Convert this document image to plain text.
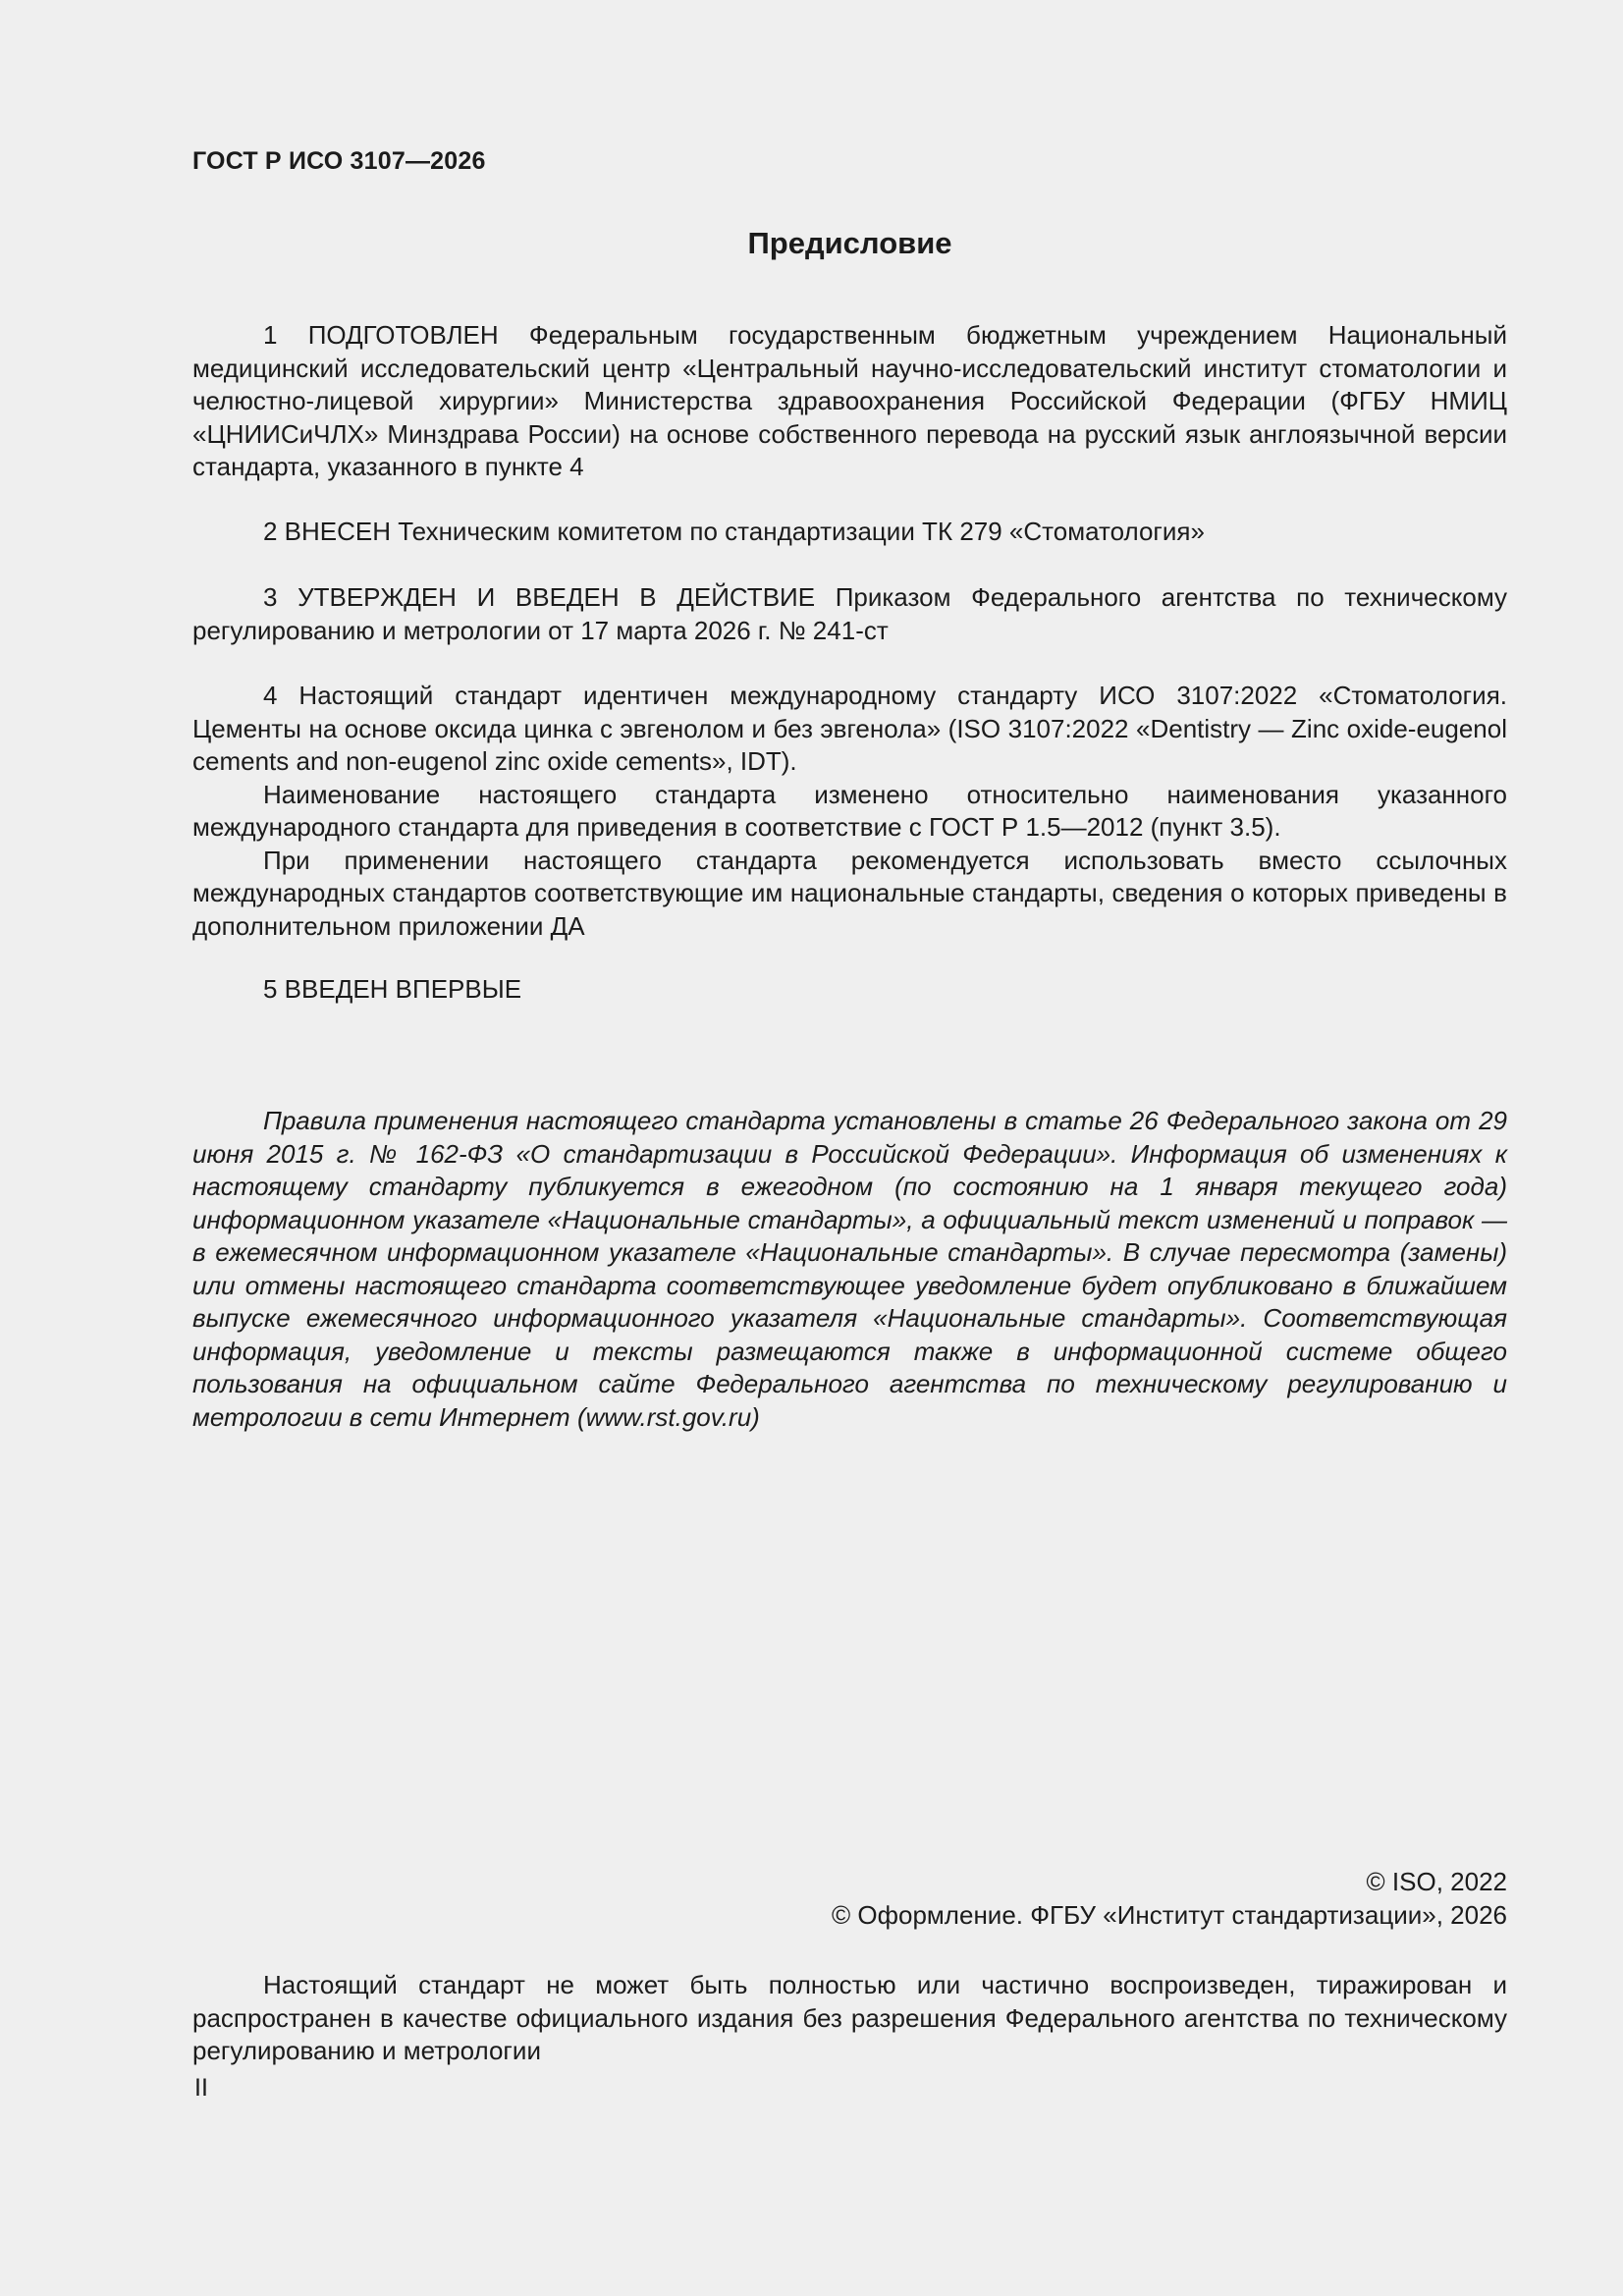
ГОСТ Р ИСО 3107—2026
Предисловие

1 ПОДГОТОВЛЕН Федеральным государственным бюджетным учреждением Национальный медицинский исследовательский центр «Центральный научно-исследовательский институт стоматологии и челюстно-лицевой хирургии» Министерства здравоохранения Российской Федерации (ФГБУ НМИЦ «ЦНИИСиЧЛХ» Минздрава России) на основе собственного перевода на русский язык англоязычной версии стандарта, указанного в пункте 4

2 ВНЕСЕН Техническим комитетом по стандартизации ТК 279 «Стоматология»

3 УТВЕРЖДЕН И ВВЕДЕН В ДЕЙСТВИЕ Приказом Федерального агентства по техническому регулированию и метрологии от 17 марта 2026 г. № 241-ст

4 Настоящий стандарт идентичен международному стандарту ИСО 3107:2022 «Стоматология. Цементы на основе оксида цинка с эвгенолом и без эвгенола» (ISO 3107:2022 «Dentistry — Zinc oxide-eugenol cements and non-eugenol zinc oxide cements», IDT).

Наименование настоящего стандарта изменено относительно наименования указанного международного стандарта для приведения в соответствие с ГОСТ Р 1.5—2012 (пункт 3.5).

При применении настоящего стандарта рекомендуется использовать вместо ссылочных международных стандартов соответствующие им национальные стандарты, сведения о которых приведены в дополнительном приложении ДА

5 ВВЕДЕН ВПЕРВЫЕ

Правила применения настоящего стандарта установлены в статье 26 Федерального закона от 29 июня 2015 г. № 162-ФЗ «О стандартизации в Российской Федерации». Информация об изменениях к настоящему стандарту публикуется в ежегодном (по состоянию на 1 января текущего года) информационном указателе «Национальные стандарты», а официальный текст изменений и поправок — в ежемесячном информационном указателе «Национальные стандарты». В случае пересмотра (замены) или отмены настоящего стандарта соответствующее уведомление будет опубликовано в ближайшем выпуске ежемесячного информационного указателя «Национальные стандарты». Соответствующая информация, уведомление и тексты размещаются также в информационной системе общего пользования на официальном сайте Федерального агентства по техническому регулированию и метрологии в сети Интернет (www.rst.gov.ru)

© ISO, 2022
© Оформление. ФГБУ «Институт стандартизации», 2026

Настоящий стандарт не может быть полностью или частично воспроизведен, тиражирован и распространен в качестве официального издания без разрешения Федерального агентства по техническому регулированию и метрологии

II
